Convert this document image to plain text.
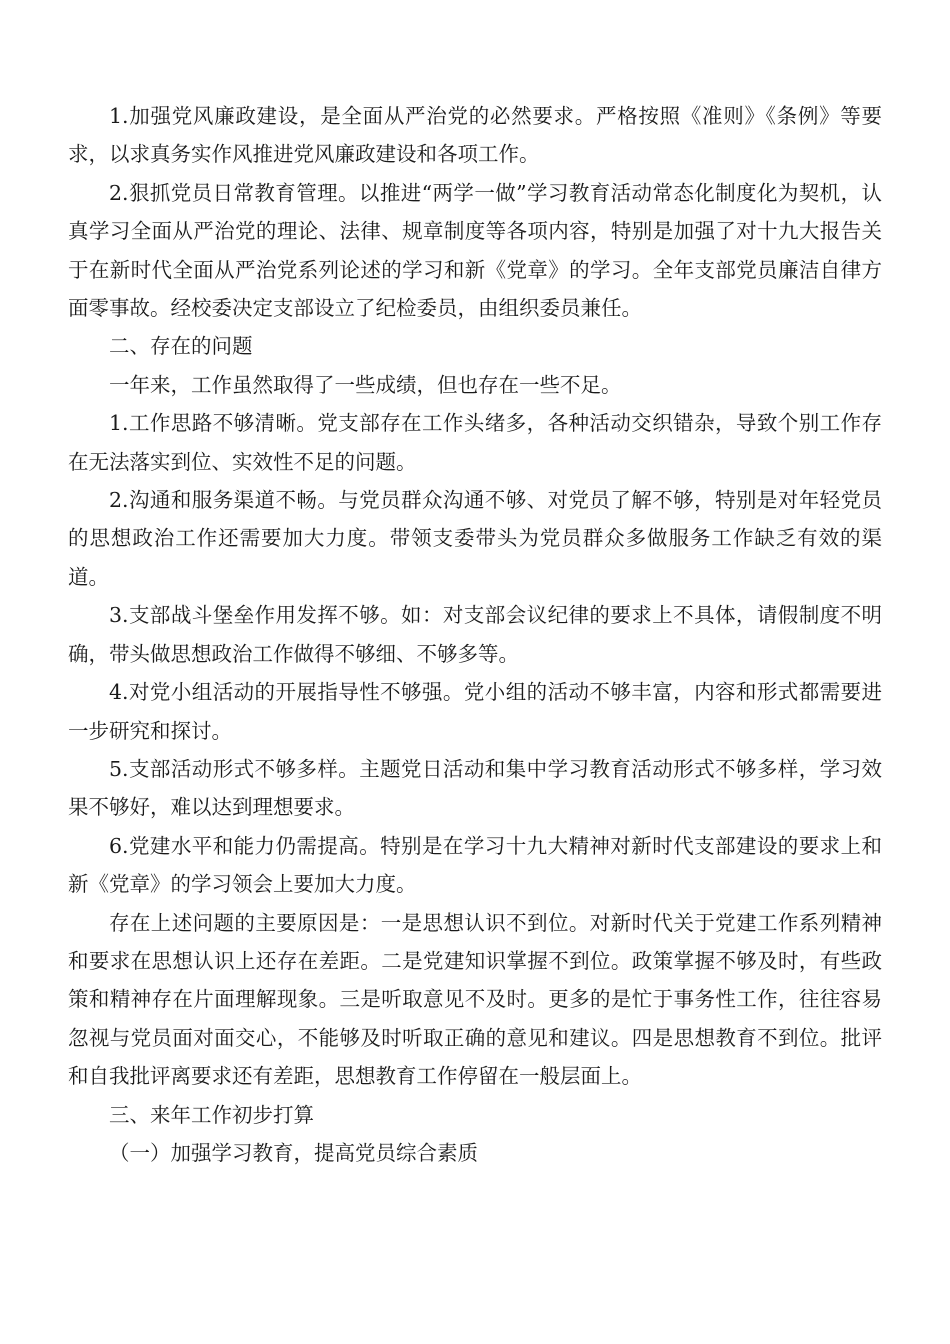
1.加强党风廉政建设，是全面从严治党的必然要求。严格按照《准则》《条例》等要求，以求真务实作风推进党风廉政建设和各项工作。

2.狠抓党员日常教育管理。以推进“两学一做”学习教育活动常态化制度化为契机，认真学习全面从严治党的理论、法律、规章制度等各项内容，特别是加强了对十九大报告关于在新时代全面从严治党系列论述的学习和新《党章》的学习。全年支部党员廉洁自律方面零事故。经校委决定支部设立了纪检委员，由组织委员兼任。

二、存在的问题

一年来，工作虽然取得了一些成绩，但也存在一些不足。

1.工作思路不够清晰。党支部存在工作头绪多，各种活动交织错杂，导致个别工作存在无法落实到位、实效性不足的问题。

2.沟通和服务渠道不畅。与党员群众沟通不够、对党员了解不够，特别是对年轻党员的思想政治工作还需要加大力度。带领支委带头为党员群众多做服务工作缺乏有效的渠道。

3.支部战斗堡垒作用发挥不够。如：对支部会议纪律的要求上不具体，请假制度不明确，带头做思想政治工作做得不够细、不够多等。

4.对党小组活动的开展指导性不够强。党小组的活动不够丰富，内容和形式都需要进一步研究和探讨。

5.支部活动形式不够多样。主题党日活动和集中学习教育活动形式不够多样，学习效果不够好，难以达到理想要求。

6.党建水平和能力仍需提高。特别是在学习十九大精神对新时代支部建设的要求上和新《党章》的学习领会上要加大力度。

存在上述问题的主要原因是：一是思想认识不到位。对新时代关于党建工作系列精神和要求在思想认识上还存在差距。二是党建知识掌握不到位。政策掌握不够及时，有些政策和精神存在片面理解现象。三是听取意见不及时。更多的是忙于事务性工作，往往容易忽视与党员面对面交心，不能够及时听取正确的意见和建议。四是思想教育不到位。批评和自我批评离要求还有差距，思想教育工作停留在一般层面上。

三、来年工作初步打算

（一）加强学习教育，提高党员综合素质
